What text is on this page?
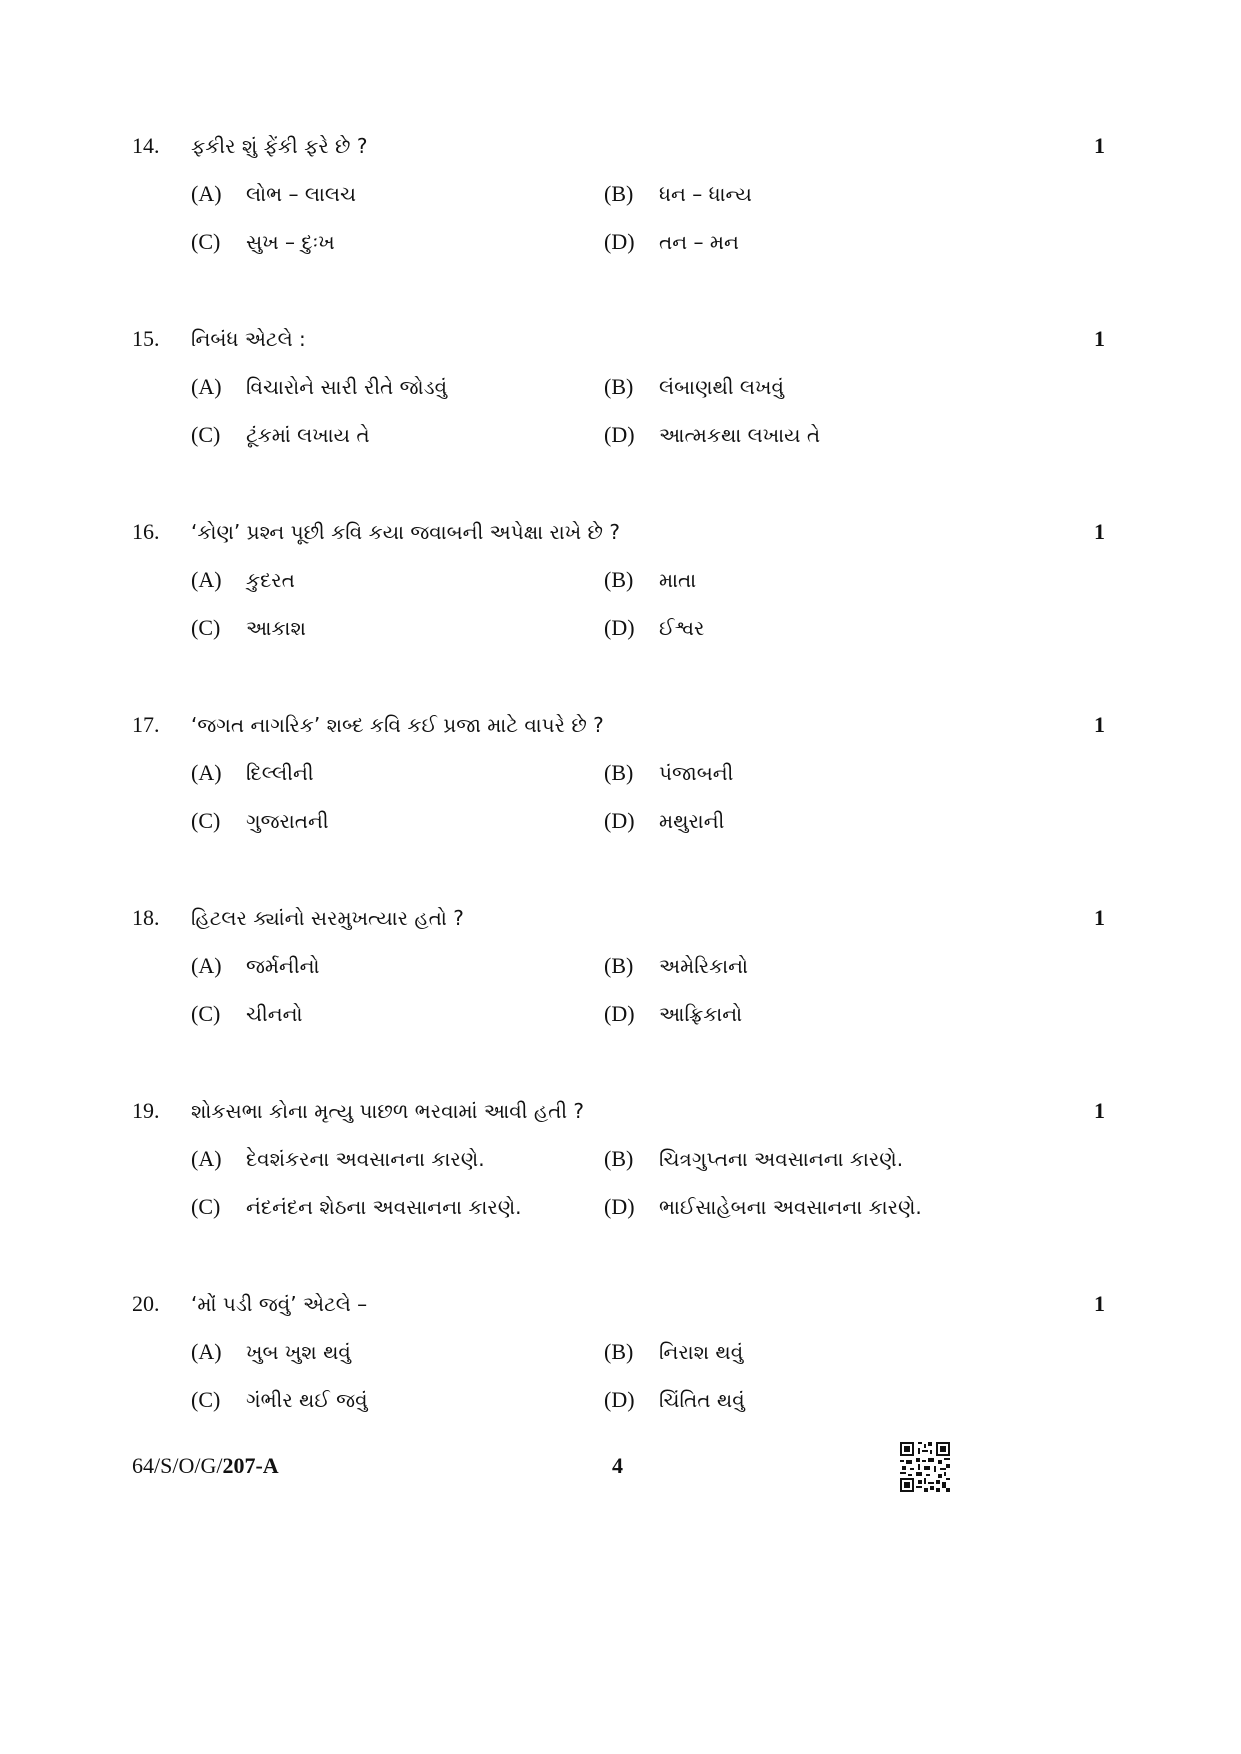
14. ફકીર શું ફેંકી ફરે છે ?	1
(A) લોભ – લાલચ	(B) ધન – ધાન્ય
(C) સુખ – દુઃખ	(D) તન – મન
15. નિબંધ એટલે :	1
(A) વિચારોને સારી રીતે જોડવું	(B) લંબાણથી લખવું
(C) ટૂંકમાં લખાય તે	(D) આત્મકથા લખાય તે
16. ‘કોણ’ પ્રશ્ન પૂછી કવિ કયા જવાબની અપેક્ષા રાખે છે ?	1
(A) કુદરત	(B) માતા
(C) આકાશ	(D) ઈશ્વર
17. ‘જગત નાગરિક’ શબ્દ કવિ કઈ પ્રજા માટે વાપરે છે ?	1
(A) દિલ્લીની	(B) પંજાબની
(C) ગુજરાતની	(D) મથુરાની
18. હિટલર ક્યાંનો સરમુખત્યાર હતો ?	1
(A) જર્મનીનો	(B) અમેરિકાનો
(C) ચીનનો	(D) આફ્રિકાનો
19. શોકસભા કોના મૃત્યુ પાછળ ભરવામાં આવી હતી ?	1
(A) દેવશંકરના અવસાનના કારણે.	(B) ચિત્રગુપ્તના અવસાનના કારણે.
(C) નંદનંદન શેઠના અવસાનના કારણે.	(D) ભાઈસાહેબના અવસાનના કારણે.
20. ‘મોં પડી જવું’ એટલે –	1
(A) ખુબ ખુશ થવું	(B) નિરાશ થવું
(C) ગંભીર થઈ જવું	(D) ચિંતિત થવું
64/S/O/G/207-A	4
